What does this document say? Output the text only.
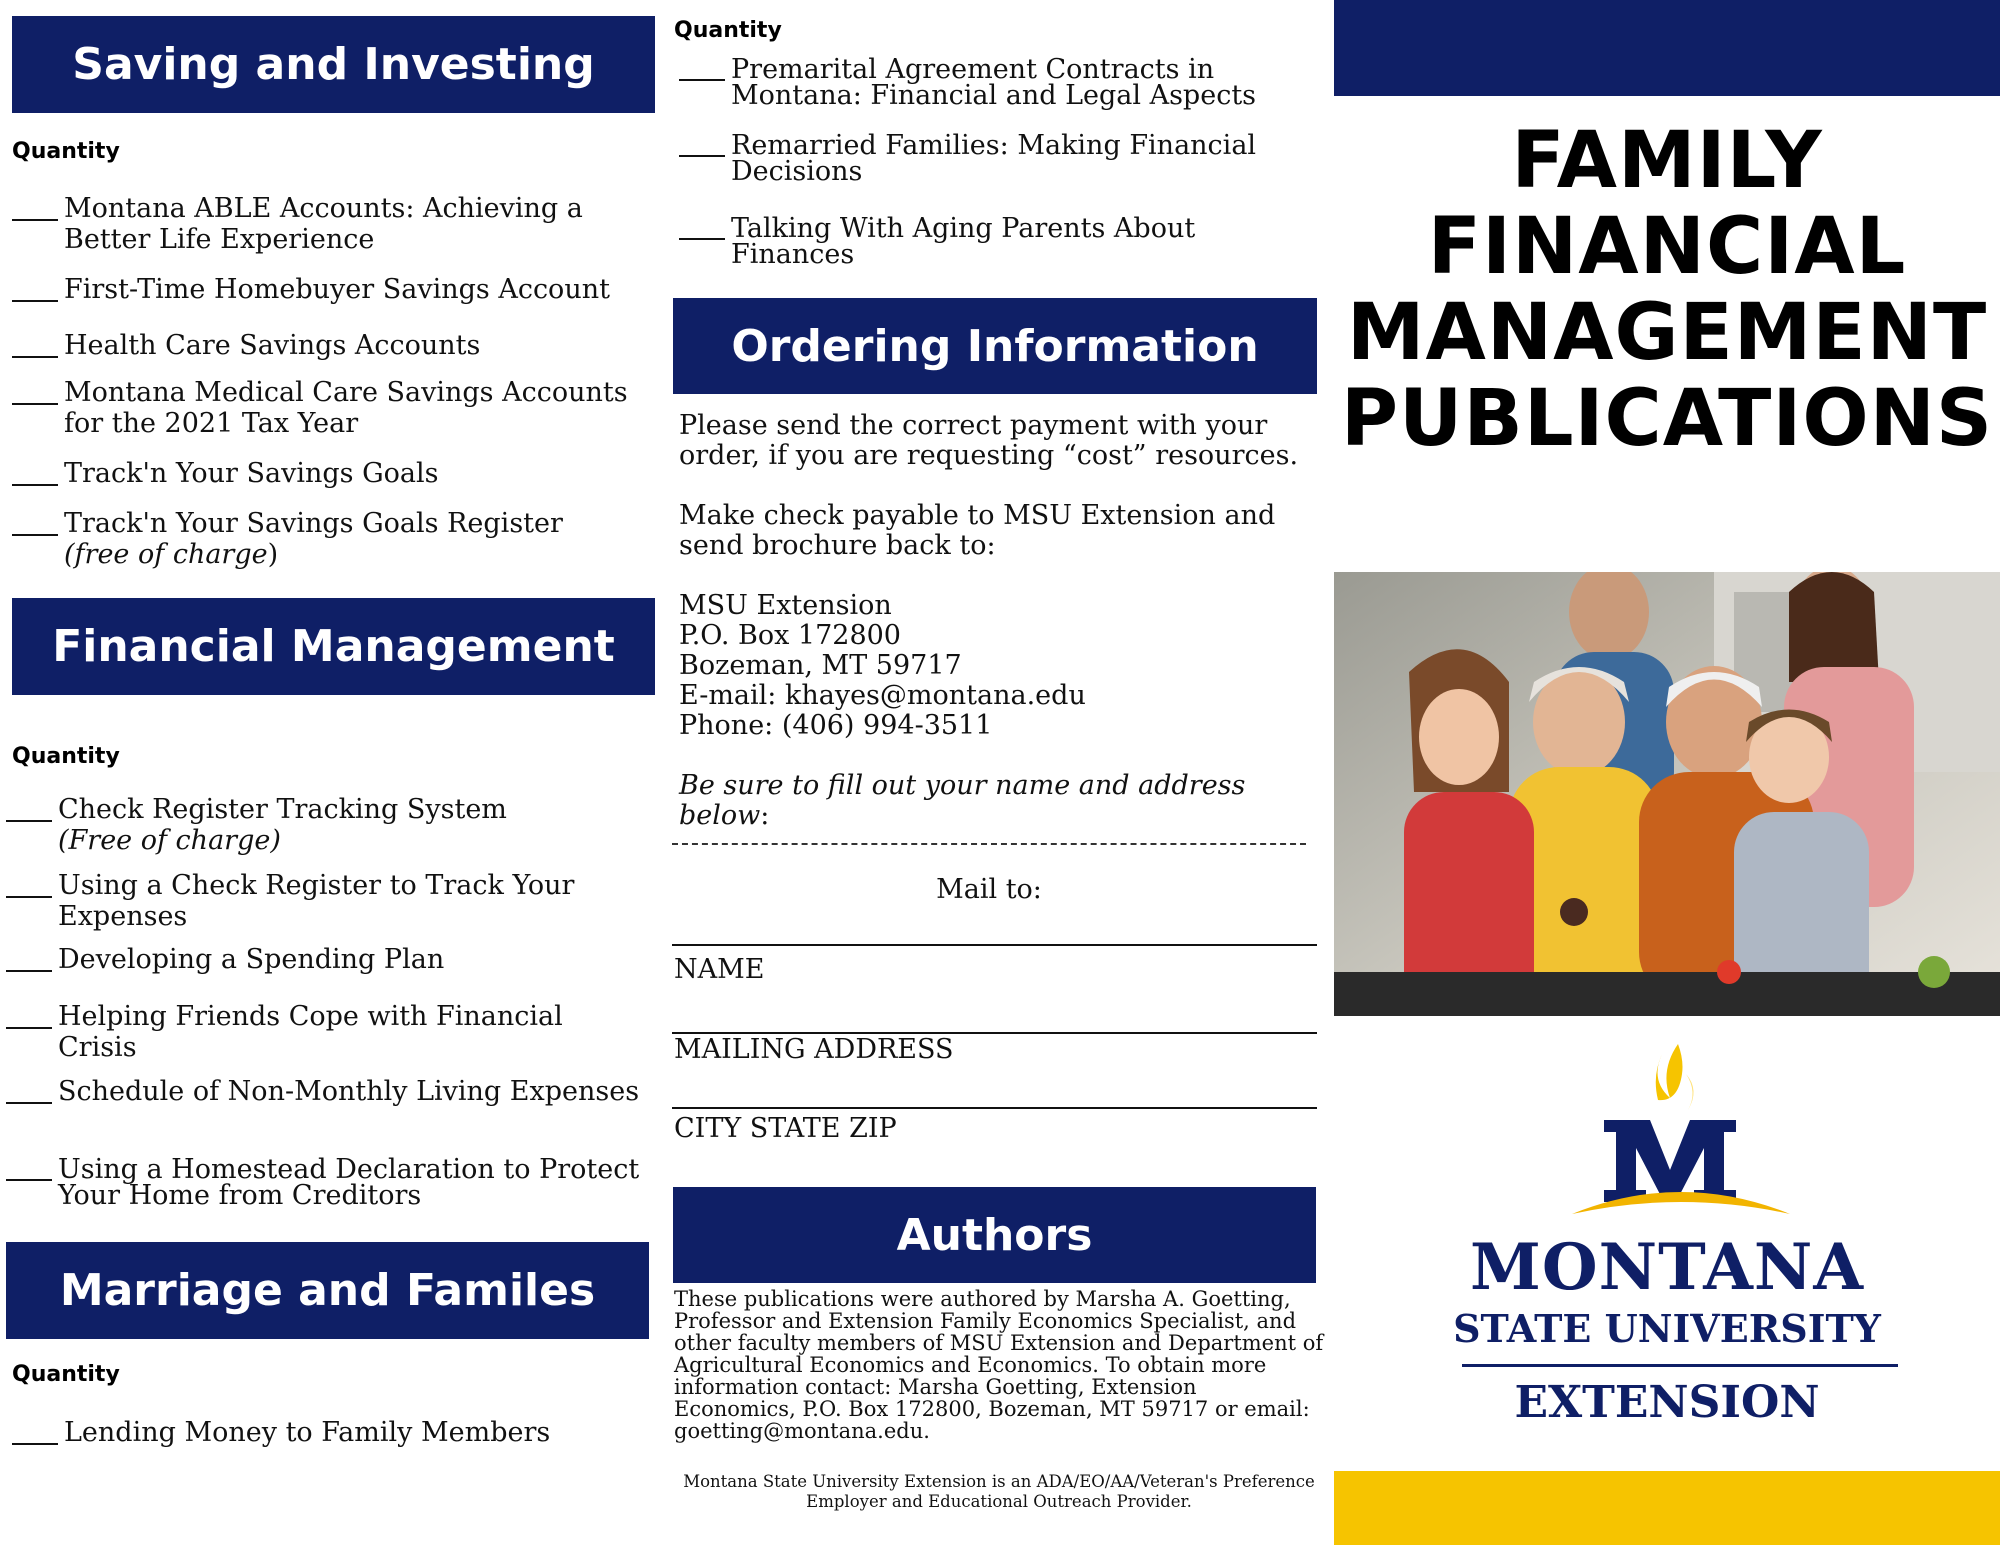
Saving and Investing
Quantity
Montana ABLE Accounts: Achieving a
Better Life Experience
First-Time Homebuyer Savings Account
Health Care Savings Accounts
Montana Medical Care Savings Accounts
for the 2021 Tax Year
Track'n Your Savings Goals
Track'n Your Savings Goals Register
(free of charge)
Financial Management
Quantity
Check Register Tracking System
(Free of charge)
Using a Check Register to Track Your
Expenses
Developing a Spending Plan
Helping Friends Cope with Financial
Crisis
Schedule of Non-Monthly Living Expenses
Using a Homestead Declaration to Protect
Your Home from Creditors
Marriage and Familes
Quantity
Lending Money to Family Members
Quantity
Premarital Agreement Contracts in
Montana: Financial and Legal Aspects
Remarried Families: Making Financial
Decisions
Talking With Aging Parents About
Finances
Ordering Information

Please send the correct payment with your order, if you are requesting “cost” resources.

Make check payable to MSU Extension and send brochure back to:

MSU Extension
P.O. Box 172800
Bozeman, MT 59717
E-mail: khayes@montana.edu
Phone: (406) 994-3511
Be sure to fill out your name and address below:
Mail to:
NAME
MAILING ADDRESS
CITY STATE ZIP
Authors
These publications were authored by Marsha A. Goetting, Professor and Extension Family Economics Specialist, and other faculty members of MSU Extension and Department of Agricultural Economics and Economics. To obtain more information contact: Marsha Goetting, Extension Economics, P.O. Box 172800, Bozeman, MT 59717 or email: goetting@montana.edu.
Montana State University Extension is an ADA/EO/AA/Veteran's Preference Employer and Educational Outreach Provider.
FAMILY
FINANCIAL
MANAGEMENT
PUBLICATIONS
MONTANA
STATE UNIVERSITY
EXTENSION
